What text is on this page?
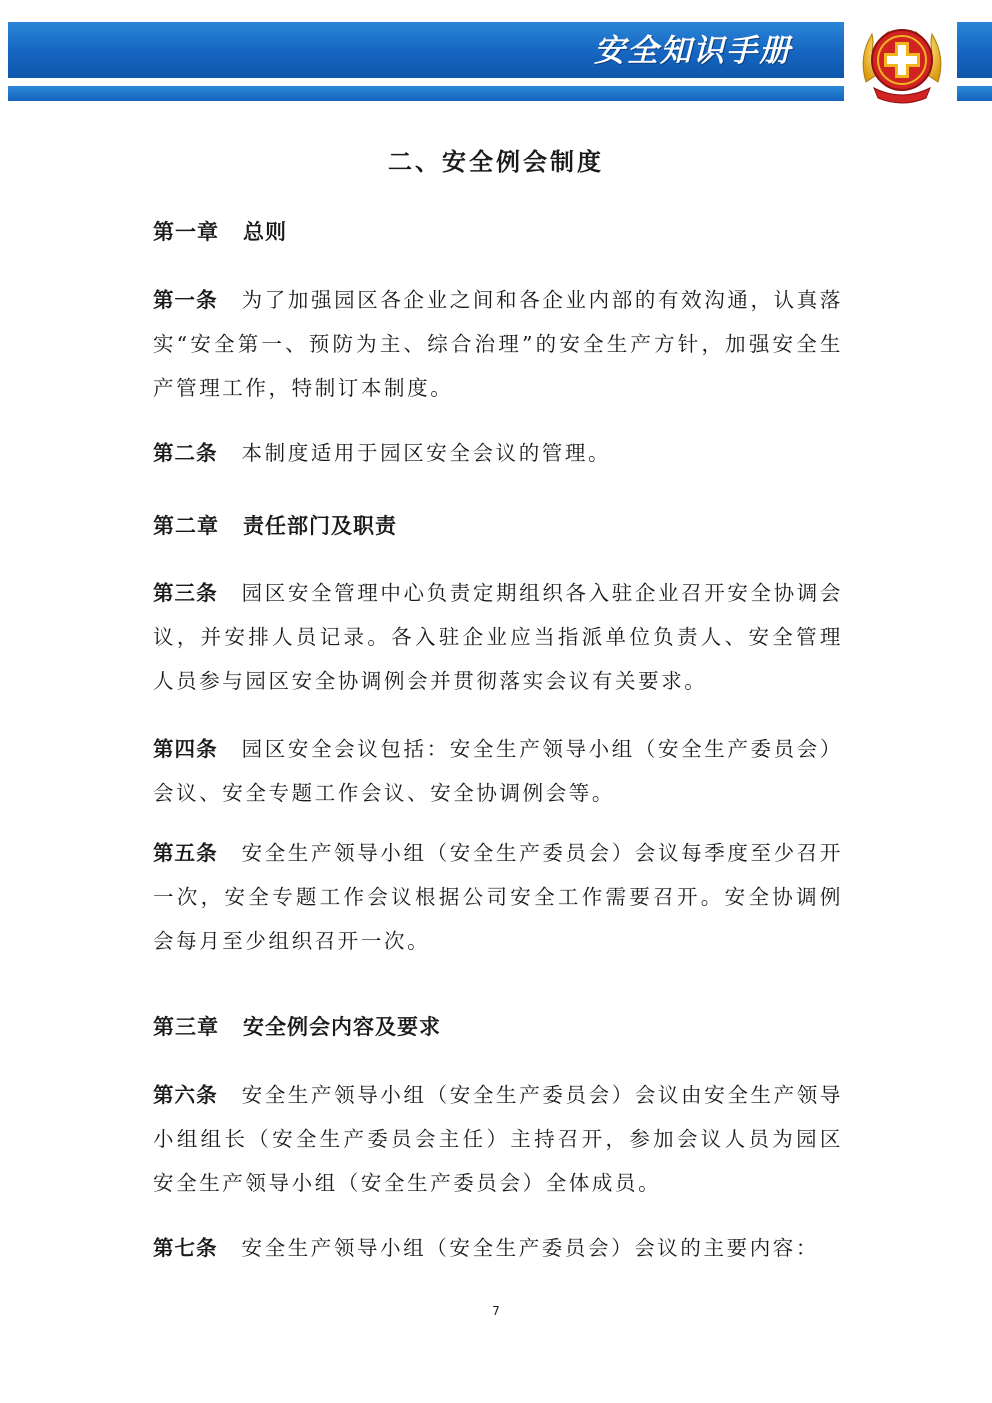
安全知识手册
二、安全例会制度
第一章 总则
第一条 为了加强园区各企业之间和各企业内部的有效沟通，认真落实“安全第一、预防为主、综合治理”的安全生产方针，加强安全生产管理工作，特制订本制度。
第二条 本制度适用于园区安全会议的管理。
第二章 责任部门及职责
第三条 园区安全管理中心负责定期组织各入驻企业召开安全协调会议，并安排人员记录。各入驻企业应当指派单位负责人、安全管理人员参与园区安全协调例会并贯彻落实会议有关要求。
第四条 园区安全会议包括：安全生产领导小组（安全生产委员会）会议、安全专题工作会议、安全协调例会等。
第五条 安全生产领导小组（安全生产委员会）会议每季度至少召开一次，安全专题工作会议根据公司安全工作需要召开。安全协调例会每月至少组织召开一次。
第三章 安全例会内容及要求
第六条 安全生产领导小组（安全生产委员会）会议由安全生产领导小组组长（安全生产委员会主任）主持召开，参加会议人员为园区安全生产领导小组（安全生产委员会）全体成员。
第七条 安全生产领导小组（安全生产委员会）会议的主要内容：
7
